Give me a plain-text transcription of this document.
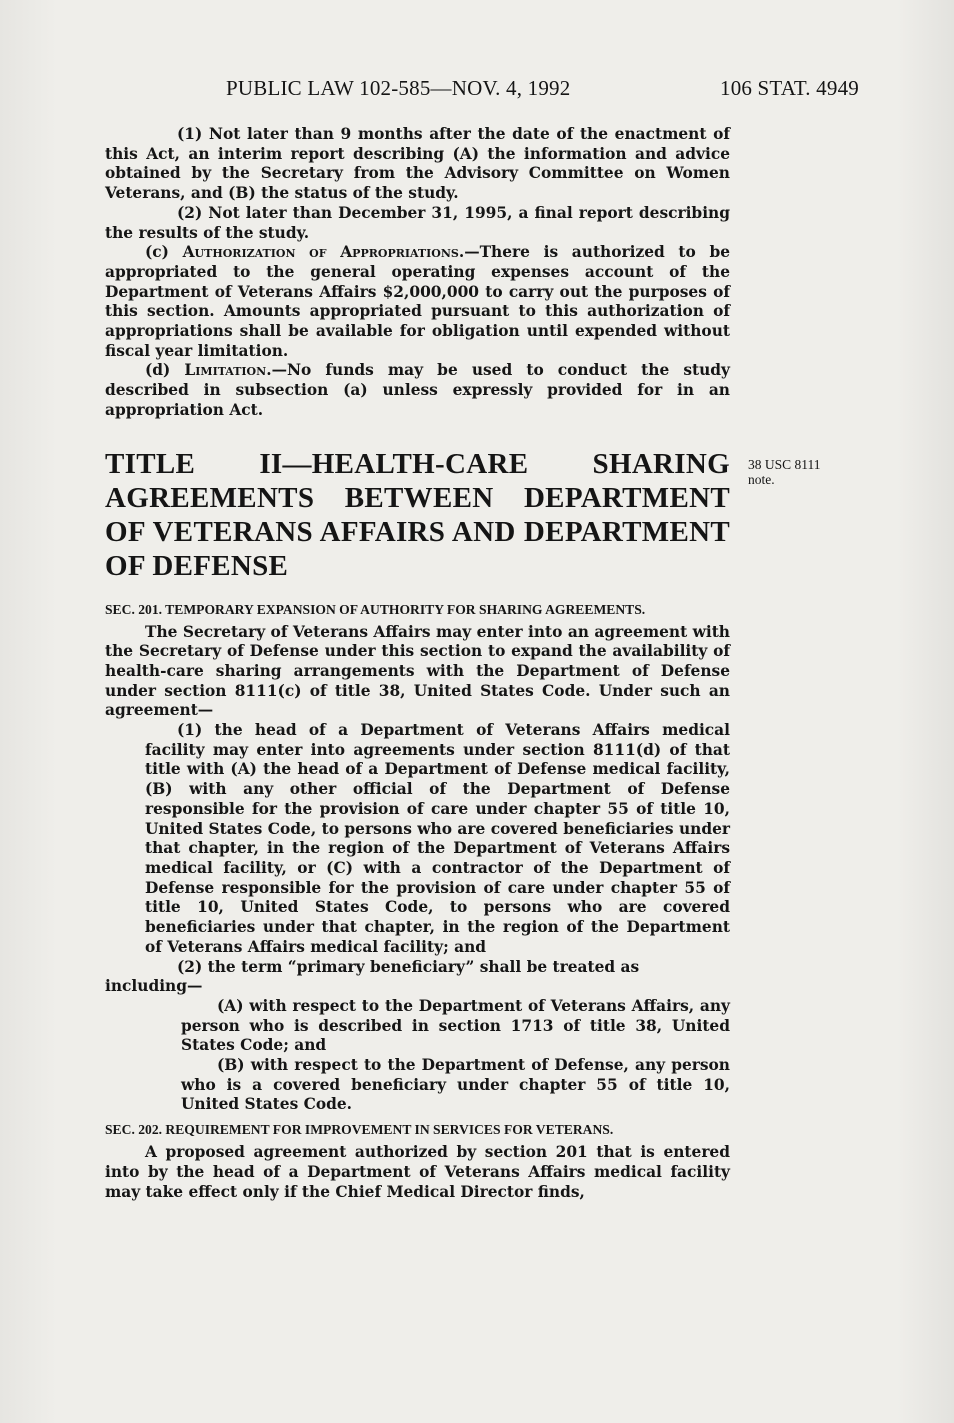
PUBLIC LAW 102-585—NOV. 4, 1992	106 STAT. 4949
38 USC 8111
note.

(1) Not later than 9 months after the date of the enactment of this Act, an interim report describing (A) the information and advice obtained by the Secretary from the Advisory Committee on Women Veterans, and (B) the status of the study.

(2) Not later than December 31, 1995, a final report describing the results of the study.

(c) Authorization of Appropriations.—There is authorized to be appropriated to the general operating expenses account of the Department of Veterans Affairs $2,000,000 to carry out the purposes of this section. Amounts appropriated pursuant to this authorization of appropriations shall be available for obligation until expended without fiscal year limitation.

(d) Limitation.—No funds may be used to conduct the study described in subsection (a) unless expressly provided for in an appropriation Act.

TITLE II—HEALTH-CARE SHARING AGREEMENTS BETWEEN DEPARTMENT OF VETERANS AFFAIRS AND DEPARTMENT OF DEFENSE
SEC. 201. TEMPORARY EXPANSION OF AUTHORITY FOR SHARING AGREEMENTS.

The Secretary of Veterans Affairs may enter into an agreement with the Secretary of Defense under this section to expand the availability of health-care sharing arrangements with the Department of Defense under section 8111(c) of title 38, United States Code. Under such an agreement—

(1) the head of a Department of Veterans Affairs medical facility may enter into agreements under section 8111(d) of that title with (A) the head of a Department of Defense medical facility, (B) with any other official of the Department of Defense responsible for the provision of care under chapter 55 of title 10, United States Code, to persons who are covered beneficiaries under that chapter, in the region of the Department of Veterans Affairs medical facility, or (C) with a contractor of the Department of Defense responsible for the provision of care under chapter 55 of title 10, United States Code, to persons who are covered beneficiaries under that chapter, in the region of the Department of Veterans Affairs medical facility; and

(2) the term “primary beneficiary” shall be treated as

including—

(A) with respect to the Department of Veterans Affairs, any person who is described in section 1713 of title 38, United States Code; and

(B) with respect to the Department of Defense, any person who is a covered beneficiary under chapter 55 of title 10, United States Code.

SEC. 202. REQUIREMENT FOR IMPROVEMENT IN SERVICES FOR VETERANS.

A proposed agreement authorized by section 201 that is entered into by the head of a Department of Veterans Affairs medical facility may take effect only if the Chief Medical Director finds,
